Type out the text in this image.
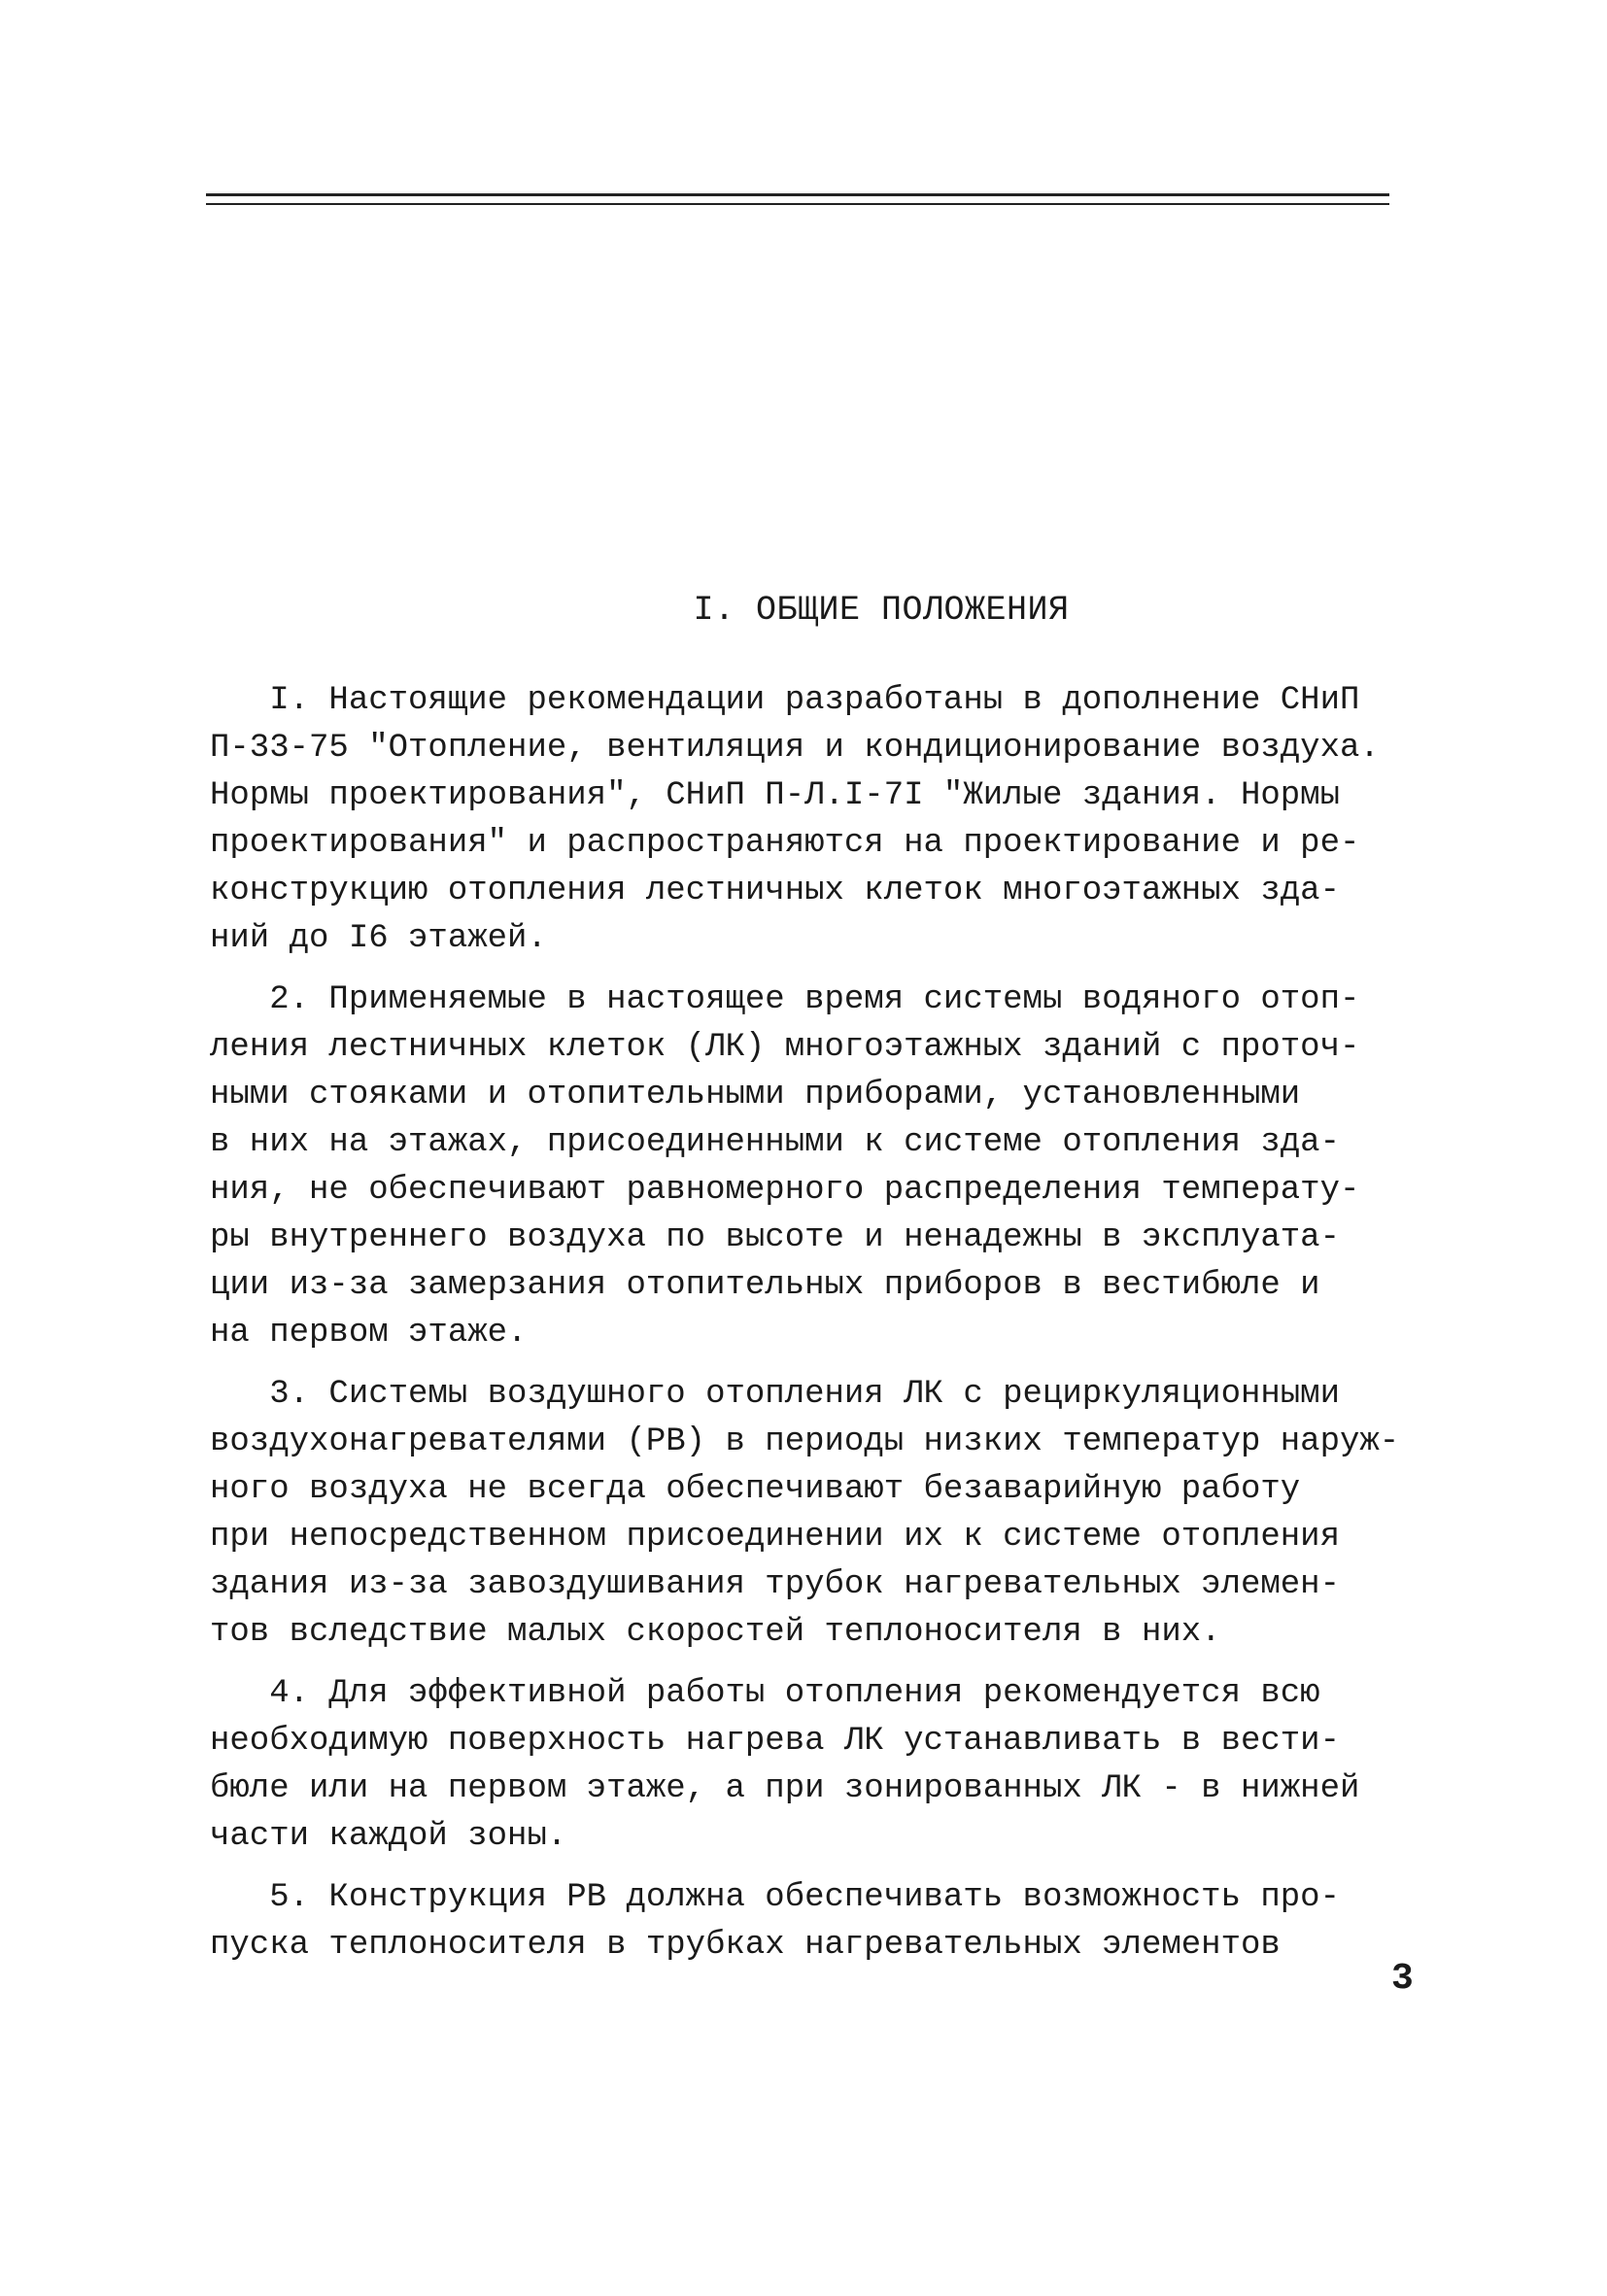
I. ОБЩИЕ ПОЛОЖЕНИЯ
I. Настоящие рекомендации разработаны в дополнение СНиП
П-33-75 "Отопление, вентиляция и кондиционирование воздуха.
Нормы проектирования", СНиП П-Л.I-7I "Жилые здания. Нормы
проектирования" и распространяются на проектирование и ре-
конструкцию отопления лестничных клеток многоэтажных зда-
ний до I6 этажей.
2. Применяемые в настоящее время системы водяного отоп-
ления лестничных клеток (ЛК) многоэтажных зданий с проточ-
ными стояками и отопительными приборами, установленными
в них на этажах, присоединенными к системе отопления зда-
ния, не обеспечивают равномерного распределения температу-
ры внутреннего воздуха по высоте и ненадежны в эксплуата-
ции из-за замерзания отопительных приборов в вестибюле и
на первом этаже.
3. Системы воздушного отопления ЛК с рециркуляционными
воздухонагревателями (РВ) в периоды низких температур наруж-
ного воздуха не всегда обеспечивают безаварийную работу
при непосредственном присоединении их к системе отопления
здания из-за завоздушивания трубок нагревательных элемен-
тов вследствие малых скоростей теплоносителя в них.
4. Для эффективной работы отопления рекомендуется всю
необходимую поверхность нагрева ЛК устанавливать в вести-
бюле или на первом этаже, а при зонированных ЛК - в нижней
части каждой зоны.
5. Конструкция РВ должна обеспечивать возможность про-
пуска теплоносителя в трубках нагревательных элементов
3
